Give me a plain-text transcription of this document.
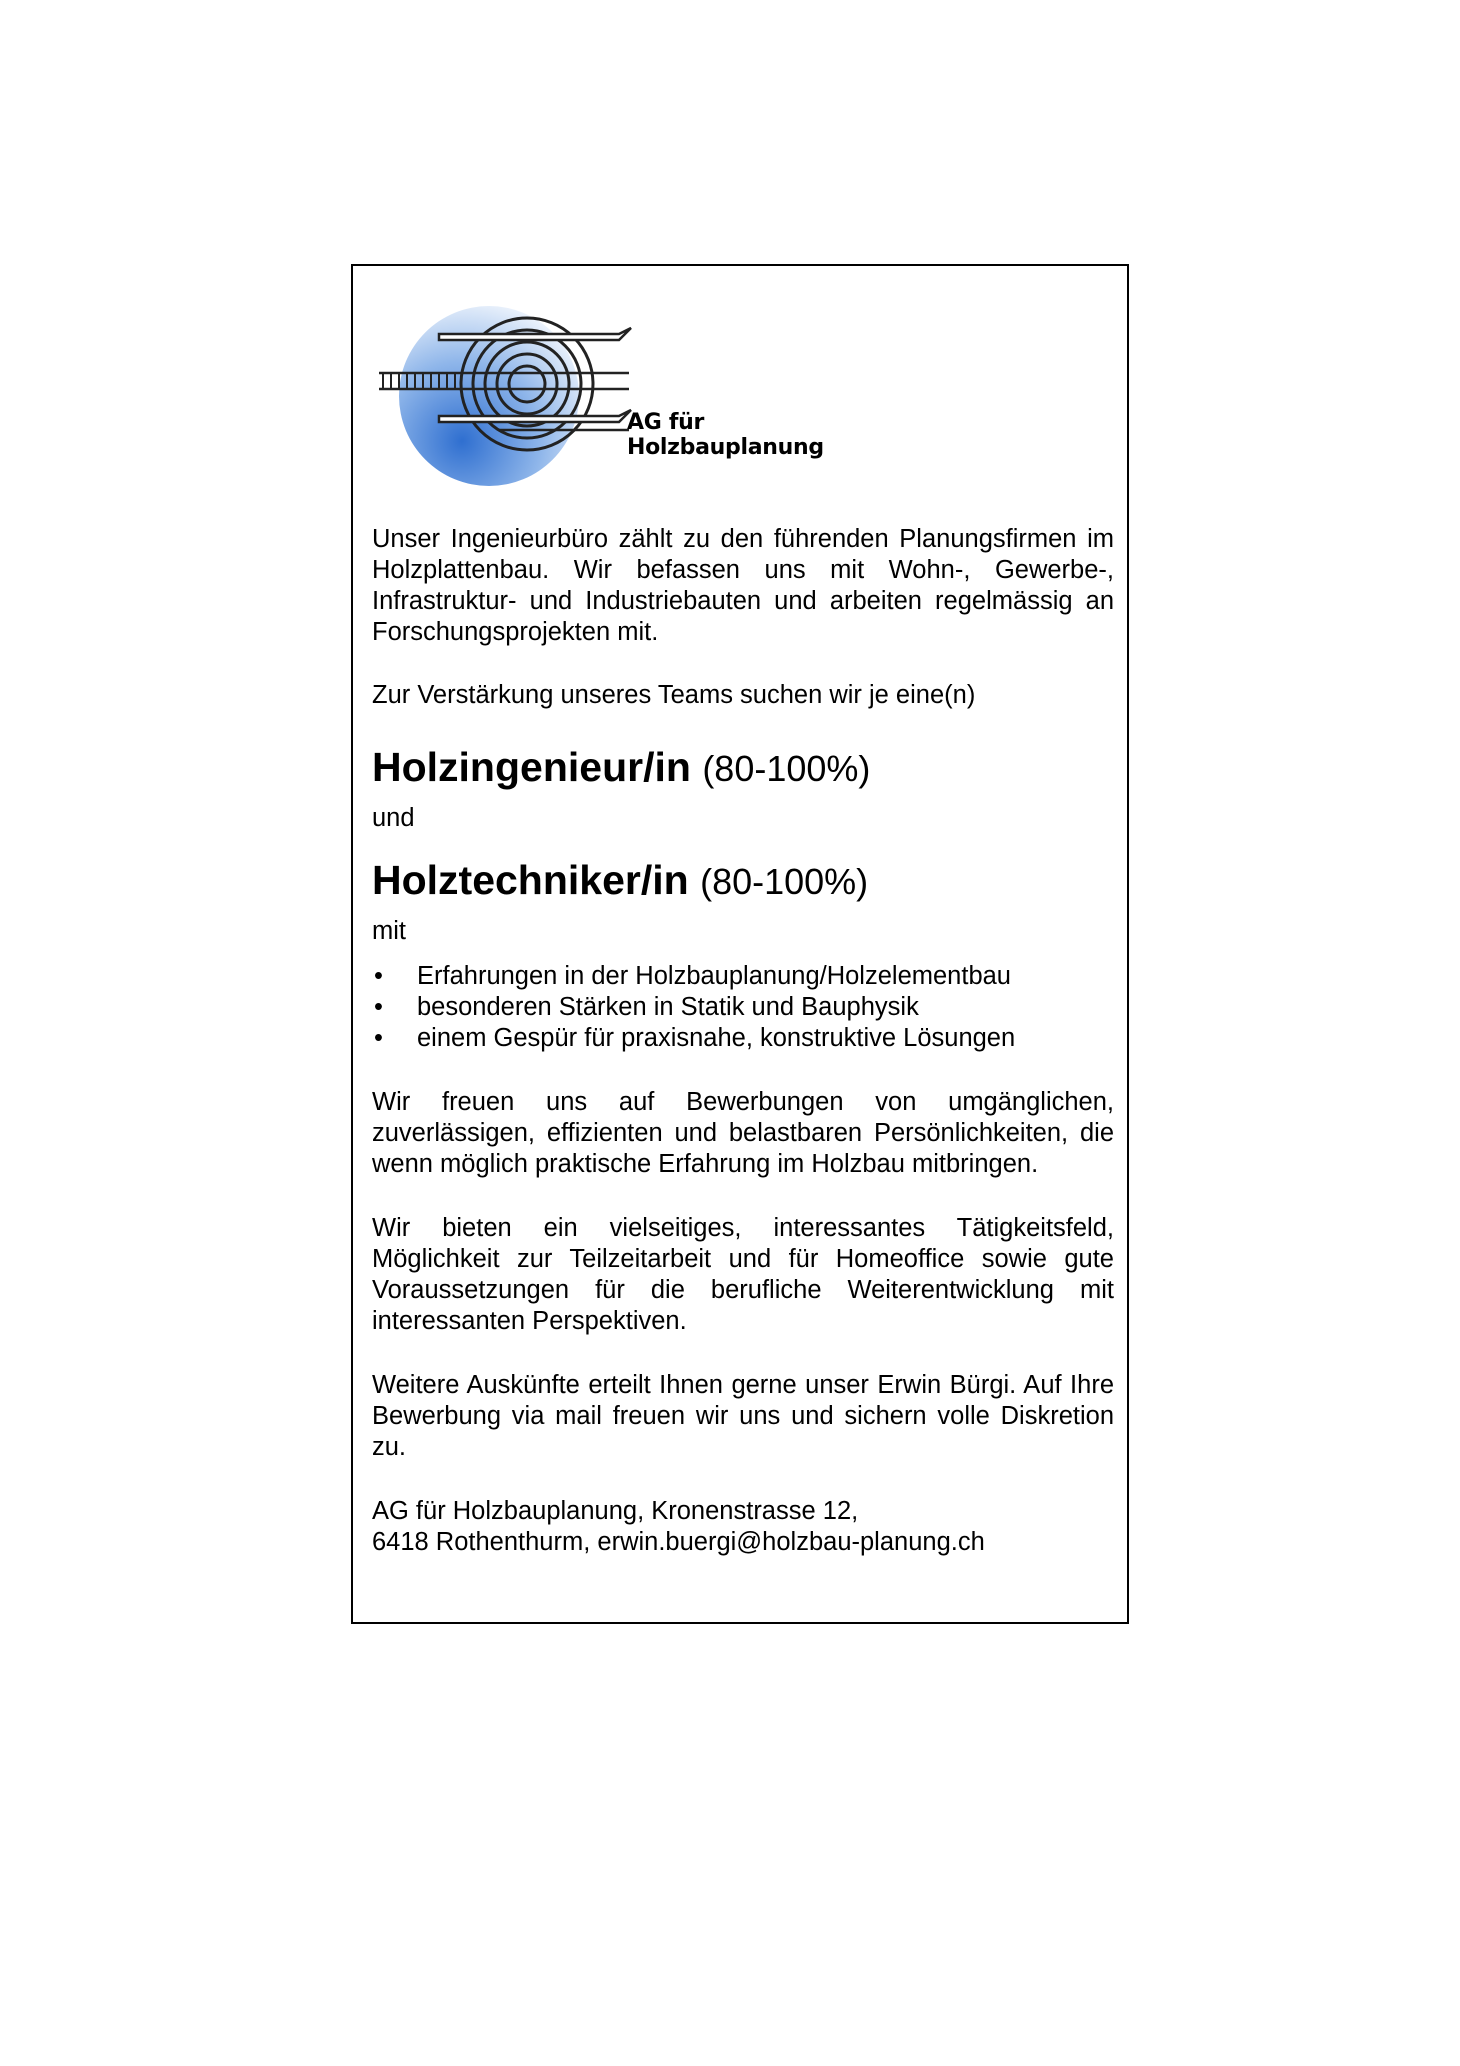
AG für Holzbauplanung

Unser Ingenieurbüro zählt zu den führenden Planungsfirmen im Holzplattenbau. Wir befassen uns mit Wohn-, Gewerbe-, Infrastruktur- und Industriebauten und arbeiten regelmässig an Forschungsprojekten mit.

Zur Verstärkung unseres Teams suchen wir je eine(n)

Holzingenieur/in (80-100%)

und

Holztechniker/in (80-100%)

mit

• Erfahrungen in der Holzbauplanung/Holzelementbau
• besonderen Stärken in Statik und Bauphysik
• einem Gespür für praxisnahe, konstruktive Lösungen

Wir freuen uns auf Bewerbungen von umgänglichen, zuverlässigen, effizienten und belastbaren Persönlichkeiten, die wenn möglich praktische Erfahrung im Holzbau mitbringen.

Wir bieten ein vielseitiges, interessantes Tätigkeitsfeld, Möglichkeit zur Teilzeitarbeit und für Homeoffice sowie gute Voraussetzungen für die berufliche Weiterentwicklung mit interessanten Perspektiven.

Weitere Auskünfte erteilt Ihnen gerne unser Erwin Bürgi. Auf Ihre Bewerbung via mail freuen wir uns und sichern volle Diskretion zu.

AG für Holzbauplanung, Kronenstrasse 12,

6418 Rothenthurm, erwin.buergi@holzbau-planung.ch
